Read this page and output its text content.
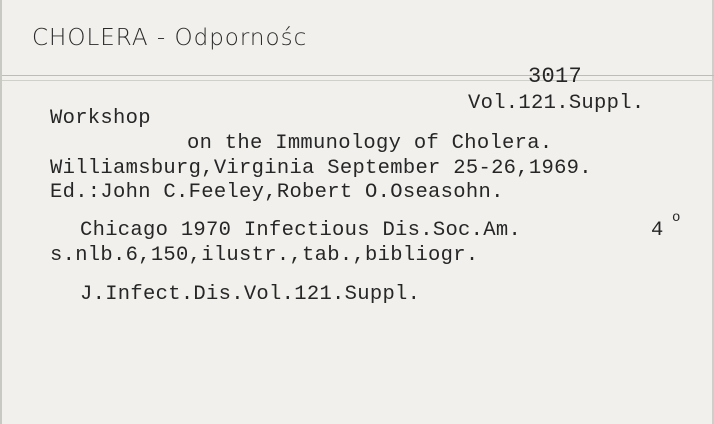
CHOLERA - Odpornośc
3017
Vol.121.Suppl.
Workshop
on the Immunology of Cholera.
Williamsburg,Virginia September 25-26,1969.
Ed.:John C.Feeley,Robert O.Oseasohn.
Chicago 1970 Infectious Dis.Soc.Am.	4
o
s.nlb.6,150,ilustr.,tab.,bibliogr.
J.Infect.Dis.Vol.121.Suppl.
